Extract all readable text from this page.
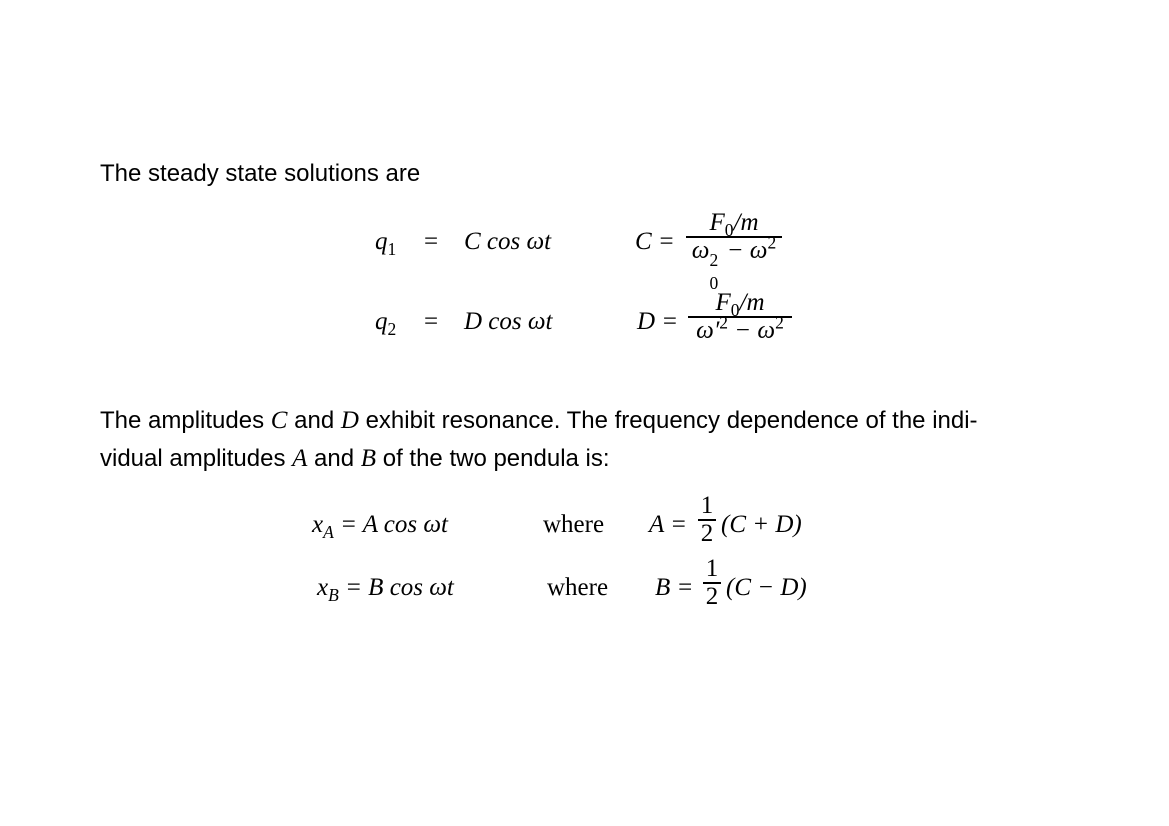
The steady state solutions are
$q_1 = C$ cos ωt	C =
$F_0/m$
ω 2
0
− $\omega^2$
$q_2 = D$ cos ωt	D =
$F_0/m$
$\omega'^2 - \omega^2$
The amplitudes C and D exhibit resonance. The frequency dependence of the indi-
vidual amplitudes A and B of the two pendula is:
$x_A = A$ cos ωt	where A =
1
2 (C + D)
$x_B = B$ cos ωt	where B =
1
2 (C − D)
